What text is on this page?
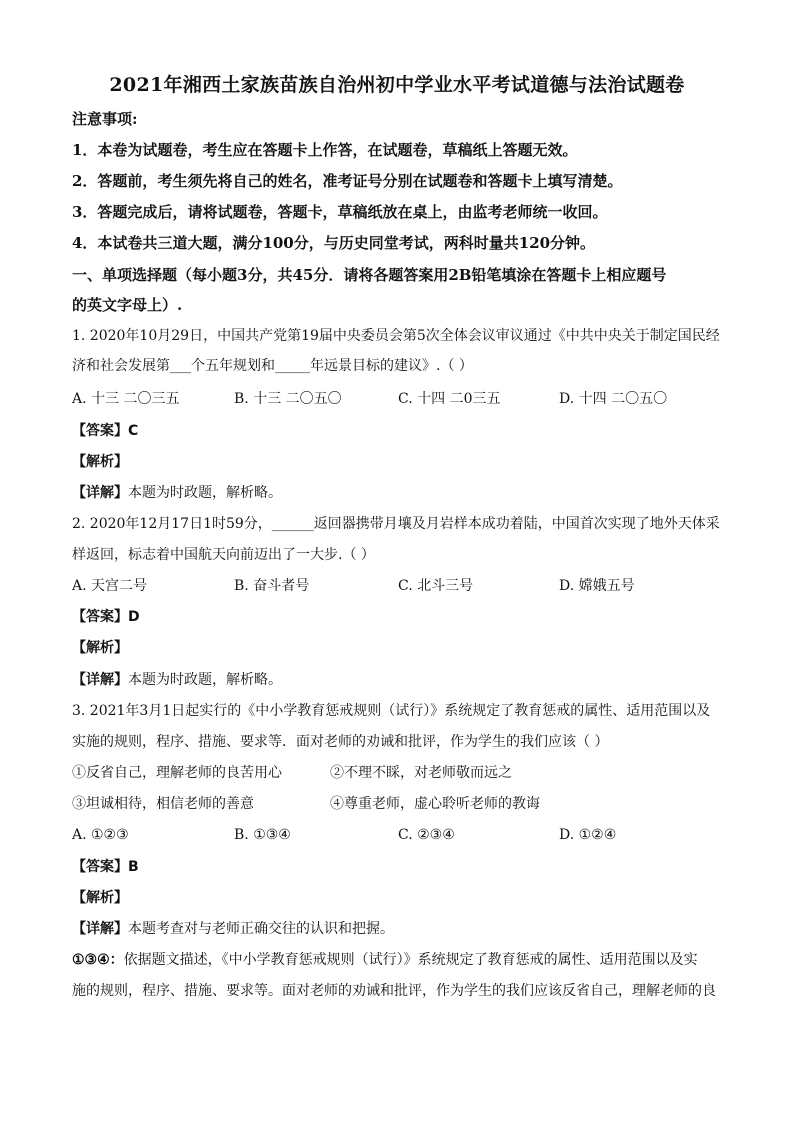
2021年湘西土家族苗族自治州初中学业水平考试道德与法治试题卷
注意事项:
1．本卷为试题卷，考生应在答题卡上作答，在试题卷，草稿纸上答题无效。
2．答题前，考生须先将自己的姓名，准考证号分别在试题卷和答题卡上填写清楚。
3．答题完成后，请将试题卷，答题卡，草稿纸放在桌上，由监考老师统一收回。
4．本试卷共三道大题，满分100分，与历史同堂考试，两科时量共120分钟。
一、单项选择题（每小题3分，共45分．请将各题答案用2B铅笔填涂在答题卡上相应题号
的英文字母上）.
1. 2020年10月29日，中国共产党第19届中央委员会第5次全体会议审议通过《中共中央关于制定国民经
济和社会发展第___个五年规划和_____年远景目标的建议》.（ ）
A. 十三 二〇三五	B. 十三 二〇五〇	C. 十四 二0三五	D. 十四 二〇五〇
【答案】C
【解析】
【详解】本题为时政题，解析略。
2. 2020年12月17日1时59分，______返回器携带月壤及月岩样本成功着陆，中国首次实现了地外天体采
样返回，标志着中国航天向前迈出了一大步.（ ）
A. 天宫二号	B. 奋斗者号	C. 北斗三号	D. 嫦娥五号
【答案】D
【解析】
【详解】本题为时政题，解析略。
3. 2021年3月1日起实行的《中小学教育惩戒规则（试行）》系统规定了教育惩戒的属性、适用范围以及
实施的规则，程序、措施、要求等．面对老师的劝诫和批评，作为学生的我们应该（ ）
①反省自己，理解老师的良苦用心	②不理不睬，对老师敬而远之
③坦诚相待，相信老师的善意	④尊重老师，虚心聆听老师的教诲
A. ①②③	B. ①③④	C. ②③④	D. ①②④
【答案】B
【解析】
【详解】本题考查对与老师正确交往的认识和把握。
①③④：依据题文描述，《中小学教育惩戒规则（试行）》系统规定了教育惩戒的属性、适用范围以及实
施的规则，程序、措施、要求等。面对老师的劝诫和批评，作为学生的我们应该反省自己，理解老师的良
